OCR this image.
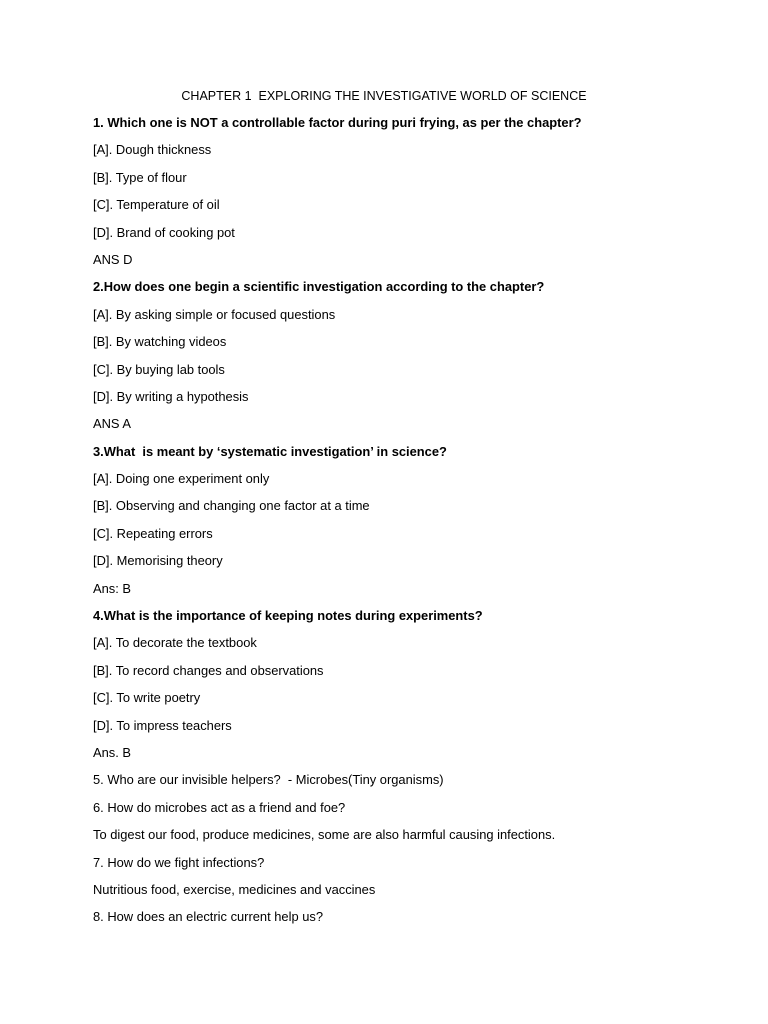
CHAPTER 1  EXPLORING THE INVESTIGATIVE WORLD OF SCIENCE
1. Which one is NOT a controllable factor during puri frying, as per the chapter?
[A]. Dough thickness
[B]. Type of flour
[C]. Temperature of oil
[D]. Brand of cooking pot
ANS D
2.How does one begin a scientific investigation according to the chapter?
[A]. By asking simple or focused questions
[B]. By watching videos
[C]. By buying lab tools
[D]. By writing a hypothesis
ANS A
3.What  is meant by ‘systematic investigation’ in science?
[A]. Doing one experiment only
[B]. Observing and changing one factor at a time
[C]. Repeating errors
[D]. Memorising theory
Ans: B
4.What is the importance of keeping notes during experiments?
[A]. To decorate the textbook
[B]. To record changes and observations
[C]. To write poetry
[D]. To impress teachers
Ans. B
5. Who are our invisible helpers?  - Microbes(Tiny organisms)
6. How do microbes act as a friend and foe?
To digest our food, produce medicines, some are also harmful causing infections.
7. How do we fight infections?
Nutritious food, exercise, medicines and vaccines
8. How does an electric current help us?
